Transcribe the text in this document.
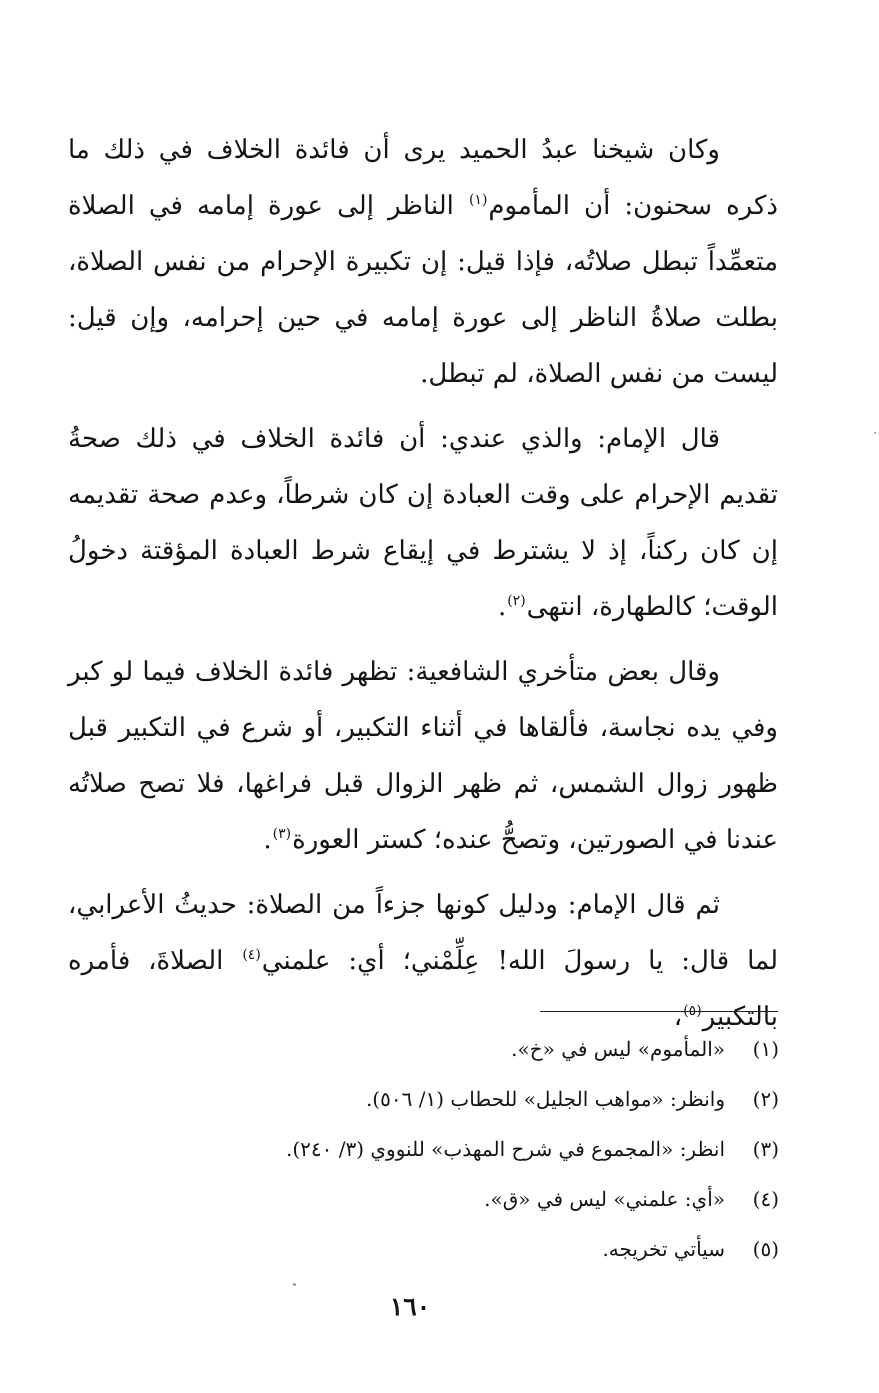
وكان شيخنا عبدُ الحميد يرى أن فائدة الخلاف في ذلك ما ذكره سحنون: أن المأموم$^{(١)}$ الناظر إلى عورة إمامه في الصلاة متعمِّداً تبطل صلاتُه، فإذا قيل: إن تكبيرة الإحرام من نفس الصلاة، بطلت صلاةُ الناظر إلى عورة إمامه في حين إحرامه، وإن قيل: ليست من نفس الصلاة، لم تبطل.

قال الإمام: والذي عندي: أن فائدة الخلاف في ذلك صحةُ تقديم الإحرام على وقت العبادة إن كان شرطاً، وعدم صحة تقديمه إن كان ركناً، إذ لا يشترط في إيقاع شرط العبادة المؤقتة دخولُ الوقت؛ كالطهارة، انتهى$^{(٢)}$.

وقال بعض متأخري الشافعية: تظهر فائدة الخلاف فيما لو كبر وفي يده نجاسة، فألقاها في أثناء التكبير، أو شرع في التكبير قبل ظهور زوال الشمس، ثم ظهر الزوال قبل فراغها، فلا تصح صلاتُه عندنا في الصورتين، وتصحُّ عنده؛ كستر العورة$^{(٣)}$.

ثم قال الإمام: ودليل كونها جزءاً من الصلاة: حديثُ الأعرابي، لما قال: يا رسولَ الله! عِلِّمْني؛ أي: علمني$^{(٤)}$ الصلاةَ، فأمره بالتكبير$^{(٥)}$،

(١)
«المأموم» ليس في «خ».
(٢)
وانظر: «مواهب الجليل» للحطاب (١/ ٥٠٦).
(٣)
انظر: «المجموع في شرح المهذب» للنووي (٣/ ٢٤٠).
(٤)
«أي: علمني» ليس في «ق».
(٥)
سيأتي تخريجه.
١٦٠
